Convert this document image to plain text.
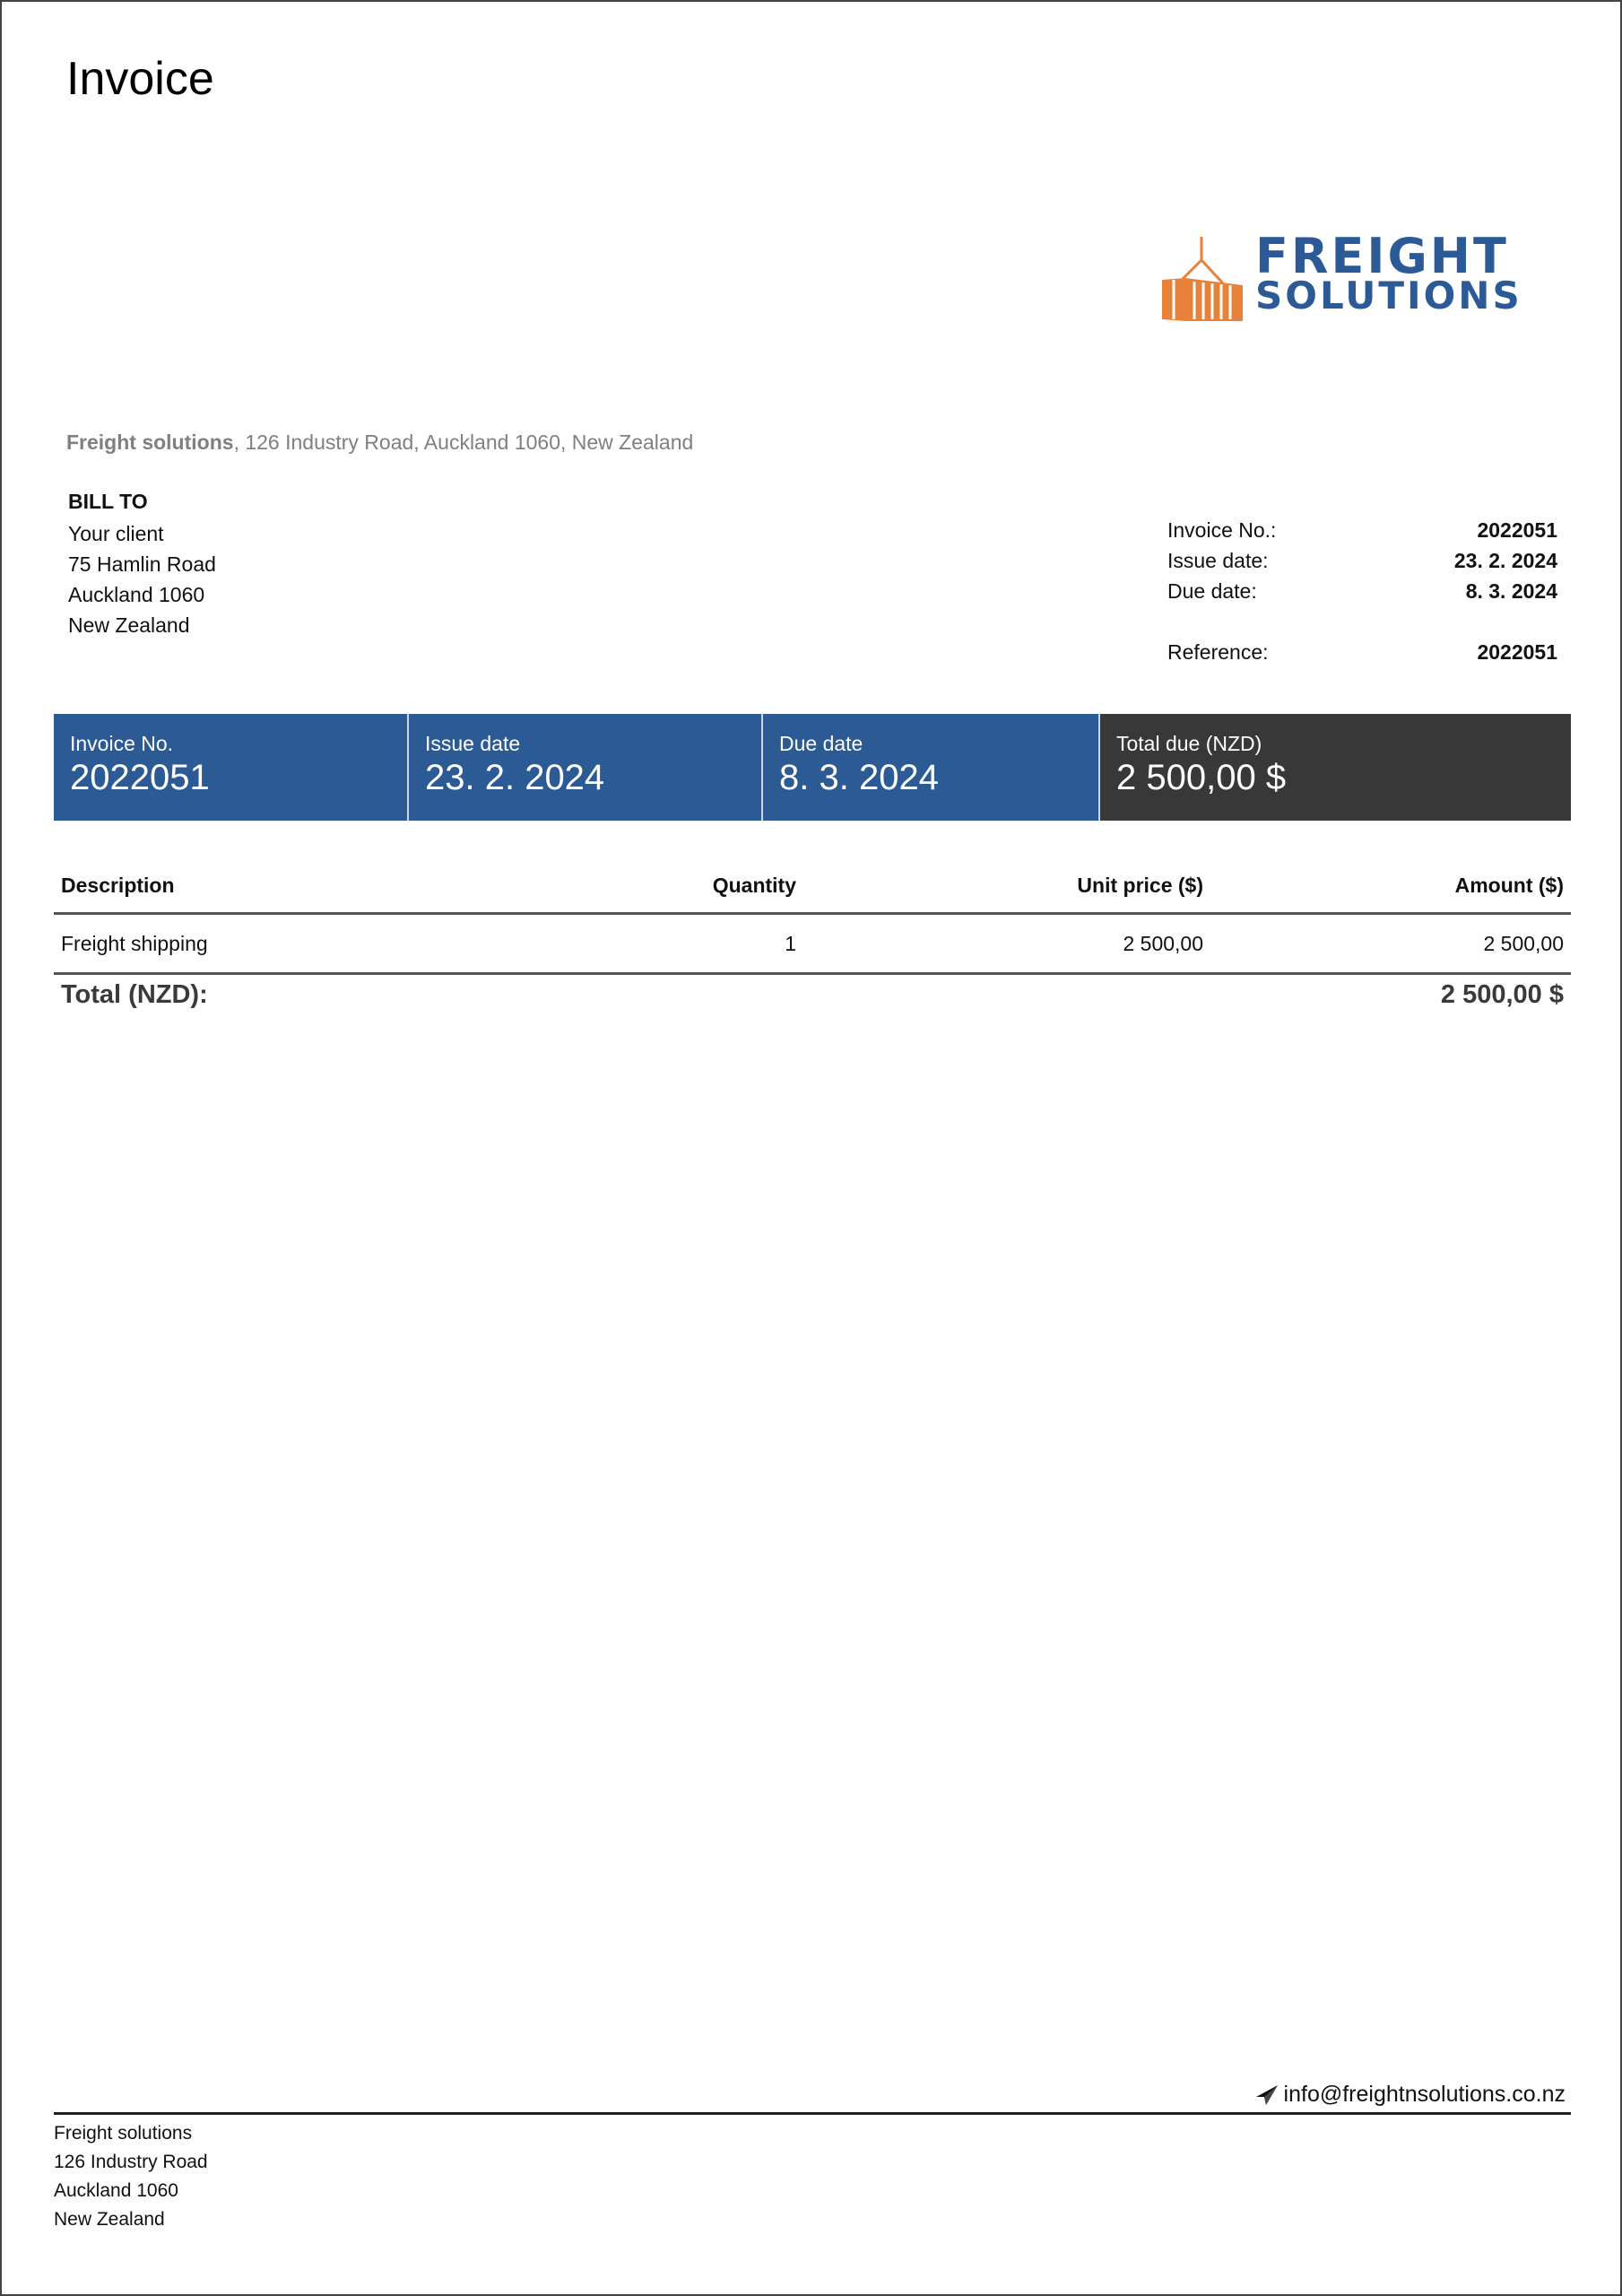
Invoice
FREIGHT
SOLUTIONS
Freight solutions, 126 Industry Road, Auckland 1060, New Zealand
BILL TO
Your client
75 Hamlin Road
Auckland 1060
New Zealand
Invoice No.:	2022051
Issue date:	23. 2. 2024
Due date:	8. 3. 2024
Reference:	2022051
Invoice No.
2022051
Issue date
23. 2. 2024
Due date
8. 3. 2024
Total due (NZD)
2 500,00 $
Description	Quantity	Unit price ($)	Amount ($)
Freight shipping	1	2 500,00	2 500,00
Total (NZD):	2 500,00 $
info@freightnsolutions.co.nz
Freight solutions
126 Industry Road
Auckland 1060
New Zealand
